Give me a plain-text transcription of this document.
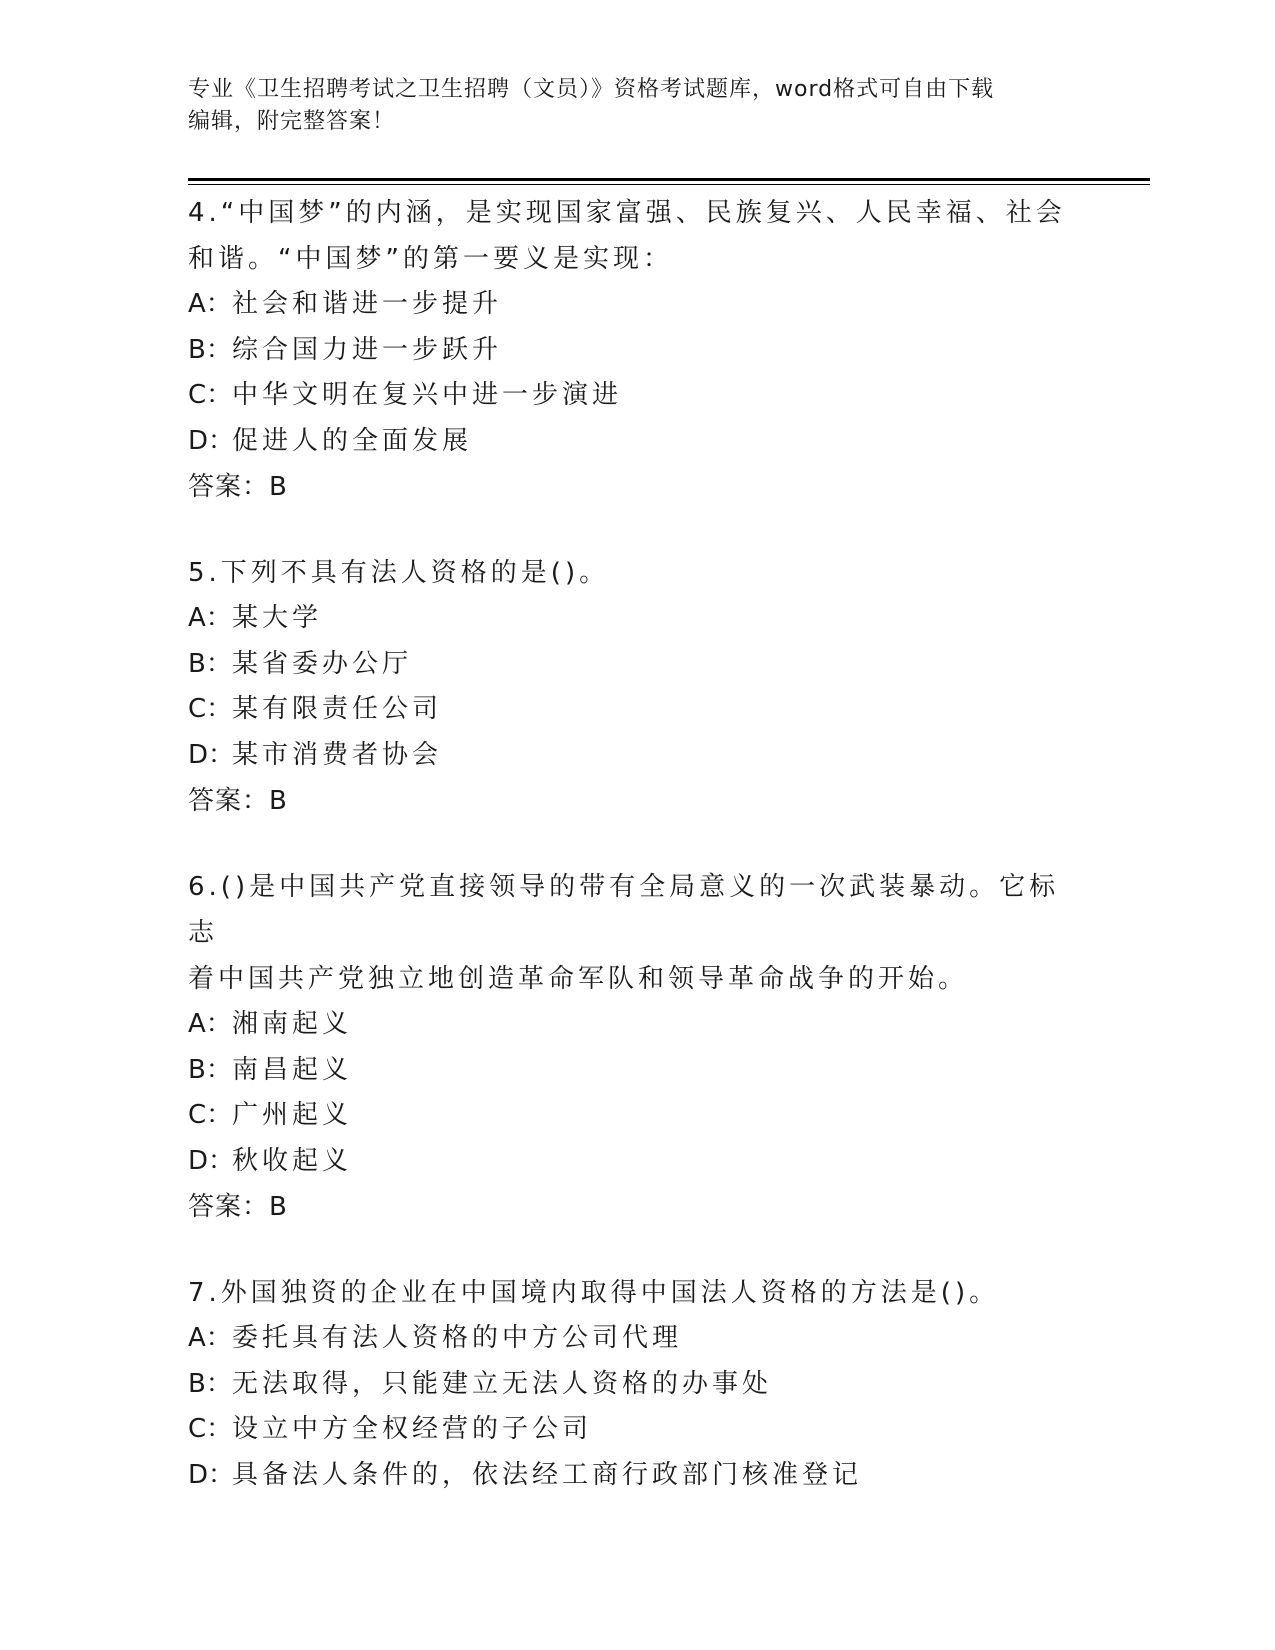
专业《卫生招聘考试之卫生招聘（文员）》资格考试题库，word格式可自由下载
编辑，附完整答案！
4.“中国梦”的内涵，是实现国家富强、民族复兴、人民幸福、社会
和谐。“中国梦”的第一要义是实现：
A：社会和谐进一步提升
B：综合国力进一步跃升
C：中华文明在复兴中进一步演进
D：促进人的全面发展
答案：B
5.下列不具有法人资格的是()。
A：某大学
B：某省委办公厅
C：某有限责任公司
D：某市消费者协会
答案：B
6.()是中国共产党直接领导的带有全局意义的一次武装暴动。它标志
着中国共产党独立地创造革命军队和领导革命战争的开始。
A：湘南起义
B：南昌起义
C：广州起义
D：秋收起义
答案：B
7.外国独资的企业在中国境内取得中国法人资格的方法是()。
A：委托具有法人资格的中方公司代理
B：无法取得，只能建立无法人资格的办事处
C：设立中方全权经营的子公司
D：具备法人条件的，依法经工商行政部门核准登记
